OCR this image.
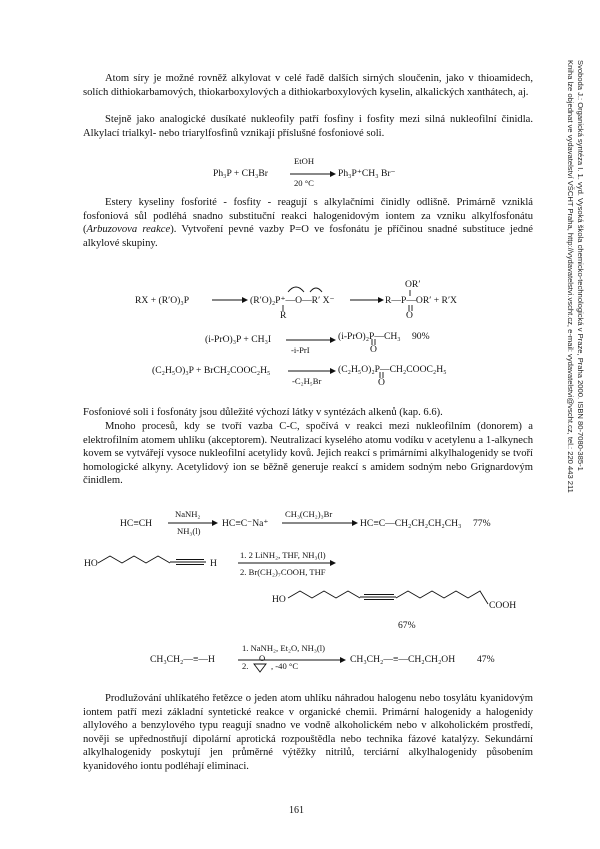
Atom síry je možné rovněž alkylovat v celé řadě dalších sirných sloučenin, jako v thioamidech, solích dithiokarbamových, thiokarboxylových a dithiokarboxylových kyselin, alkalických xanthátech, aj.

Stejně jako analogické dusíkaté nukleofily patří fosfiny i fosfity mezi silná nukleofilní činidla. Alkylací trialkyl- nebo triarylfosfinů vznikají příslušné fosfoniové soli.

Ph₃P + CH₃Br
EtOH
20 °C
Ph₃P⁺CH₃ Br⁻

Estery kyseliny fosforité - fosfity - reagují s alkylačními činidly odlišně. Primárně vzniklá fosfoniová sůl podléhá snadno substituční reakci halogenidovým iontem za vzniku alkylfosfonátu (Arbuzovova reakce). Vytvoření pevné vazby P=O ve fosfonátu je příčinou snadné substituce jedné alkylové skupiny.

RX + (R′O)₃P	(R′O)₂P⁺—O—R′ X⁻
R
R—P—OR′ + R′X
OR′
O
(i-PrO)₃P + CH₃I
-i-PrI
(i-PrO)₂P—CH₃
O
90%
(C₂H₅O)₃P + BrCH₂COOC₂H₅
-C₂H₅Br
(C₂H₅O)₂P—CH₂COOC₂H₅
O

Fosfoniové soli i fosfonáty jsou důležité výchozí látky v syntézách alkenů (kap. 6.6).

Mnoho procesů, kdy se tvoří vazba C-C, spočívá v reakci mezi nukleofilním (donorem) a elektrofilním atomem uhlíku (akceptorem). Neutralizací kyselého atomu vodíku v acetylenu a 1-alkynech kovem se vytvářejí vysoce nukleofilní acetylidy kovů. Jejich reakcí s primárními alkylhalogenidy se tvoří homologické alkyny. Acetylidový ion se běžně generuje reakcí s amidem sodným nebo Grignardovým činidlem.

HC≡CH
NaNH₂
NH₃(l)
HC≡C⁻Na⁺
CH₃(CH₂)₃Br
HC≡C—CH₂CH₂CH₂CH₃ 77%
HO	H
1. 2 LiNH₂, THF, NH₃(l)
2. Br(CH₂)₇COOH, THF
HO
COOH
67%
CH₃CH₂—≡—H
1. NaNH₂, Et₂O, NH₃(l)
2.	, -40 °C
O	CH₃CH₂—≡—CH₂CH₂OH 47%

Prodlužování uhlíkatého řetězce o jeden atom uhlíku náhradou halogenu nebo tosylátu kyanidovým iontem patří mezi základní syntetické reakce v organické chemii. Primární halogenidy a halogenidy allylového a benzylového typu reagují snadno ve vodně alkoholickém nebo v alkoholickém prostředí, nověji se upřednostňují dipolární aprotická rozpouštědla nebo technika fázové katalýzy. Sekundární alkylhalogenidy poskytují jen průměrné výtěžky nitrilů, terciární alkylhalogenidy působením kyanidového iontu podléhají eliminaci.

Svoboda J.: Organická syntéza I. 1. vyd. Vysoká škola chemicko-technologická v Praze, Praha 2000. ISBN 80-7080-385-1
Kniha lze objednat ve vydavatelství VŠCHT Praha, http://vydavatelstvi.vscht.cz, e-mail: vydavatelstvi@vscht.cz, tel.: 220 443 211
161
